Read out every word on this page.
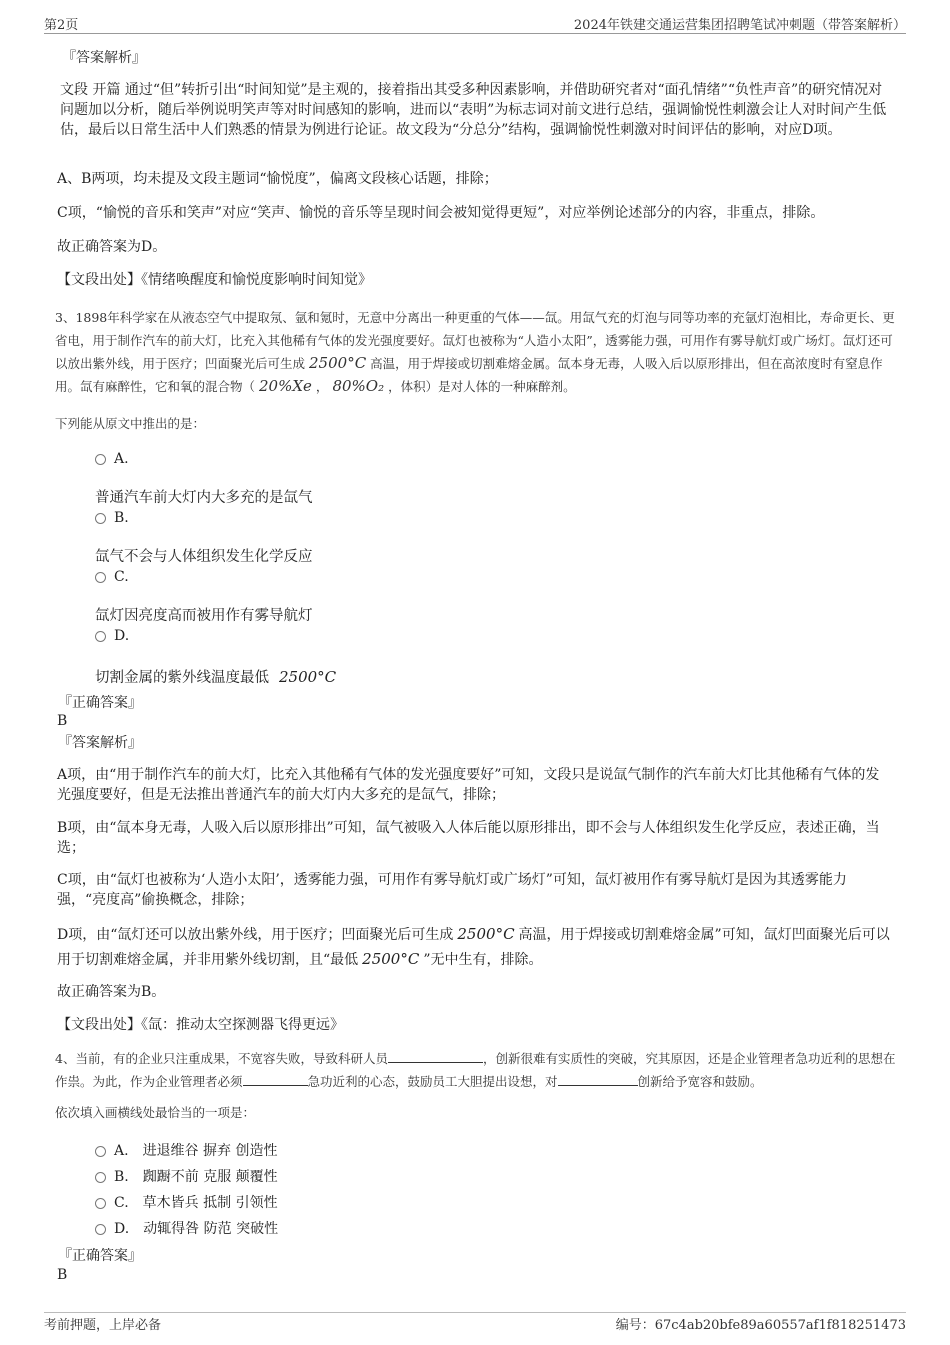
第2页	2024年铁建交通运营集团招聘笔试冲刺题（带答案解析）
『答案解析』
文段 开篇 通过“但”转折引出“时间知觉”是主观的，接着指出其受多种因素影响，并借助研究者对“面孔情绪”“负性声音”的研究情况对问题加以分析，随后举例说明笑声等对时间感知的影响，进而以“表明”为标志词对前文进行总结，强调愉悦性刺激会让人对时间产生低估，最后以日常生活中人们熟悉的情景为例进行论证。故文段为“分总分”结构，强调愉悦性刺激对时间评估的影响，对应D项。
A、B两项，均未提及文段主题词“愉悦度”，偏离文段核心话题，排除；
C项，“愉悦的音乐和笑声”对应“笑声、愉悦的音乐等呈现时间会被知觉得更短”，对应举例论述部分的内容，非重点，排除。
故正确答案为D。
【文段出处】《情绪唤醒度和愉悦度影响时间知觉》
3、1898年科学家在从液态空气中提取氖、氩和氪时，无意中分离出一种更重的气体——氙。用氙气充的灯泡与同等功率的充氩灯泡相比，寿命更长、更省电，用于制作汽车的前大灯，比充入其他稀有气体的发光强度要好。氙灯也被称为“人造小太阳”，透雾能力强，可用作有雾导航灯或广场灯。氙灯还可以放出紫外线，用于医疗；凹面聚光后可生成 2500°C 高温，用于焊接或切割难熔金属。氙本身无毒，人吸入后以原形排出，但在高浓度时有窒息作用。氙有麻醉性，它和氧的混合物（ 20%Xe ， 80%O₂ ，体积）是对人体的一种麻醉剂。
下列能从原文中推出的是：
A.
普通汽车前大灯内大多充的是氙气
B.
氙气不会与人体组织发生化学反应
C.
氙灯因亮度高而被用作有雾导航灯
D.
切割金属的紫外线温度最低 2500°C
『正确答案』
B
『答案解析』
A项，由“用于制作汽车的前大灯，比充入其他稀有气体的发光强度要好”可知，文段只是说氙气制作的汽车前大灯比其他稀有气体的发光强度要好，但是无法推出普通汽车的前大灯内大多充的是氙气，排除；
B项，由“氙本身无毒，人吸入后以原形排出”可知，氙气被吸入人体后能以原形排出，即不会与人体组织发生化学反应，表述正确，当选；
C项，由“氙灯也被称为‘人造小太阳’，透雾能力强，可用作有雾导航灯或广场灯”可知，氙灯被用作有雾导航灯是因为其透雾能力强，“亮度高”偷换概念，排除；
D项，由“氙灯还可以放出紫外线，用于医疗；凹面聚光后可生成 2500°C 高温，用于焊接或切割难熔金属”可知，氙灯凹面聚光后可以用于切割难熔金属，并非用紫外线切割，且“最低 2500°C ”无中生有，排除。
故正确答案为B。
【文段出处】《氙：推动太空探测器飞得更远》
4、当前，有的企业只注重成果，不宽容失败，导致科研人员	，创新很难有实质性的突破，究其原因，还是企业管理者急功近利的思想在作祟。为此，作为企业管理者必须	急功近利的心态，鼓励员工大胆提出设想，对	创新给予宽容和鼓励。
依次填入画横线处最恰当的一项是：
A. 进退维谷 摒弃 创造性
B. 踟蹰不前 克服 颠覆性
C. 草木皆兵 抵制 引领性
D. 动辄得咎 防范 突破性
『正确答案』
B
考前押题，上岸必备	编号：67c4ab20bfe89a60557af1f818251473
